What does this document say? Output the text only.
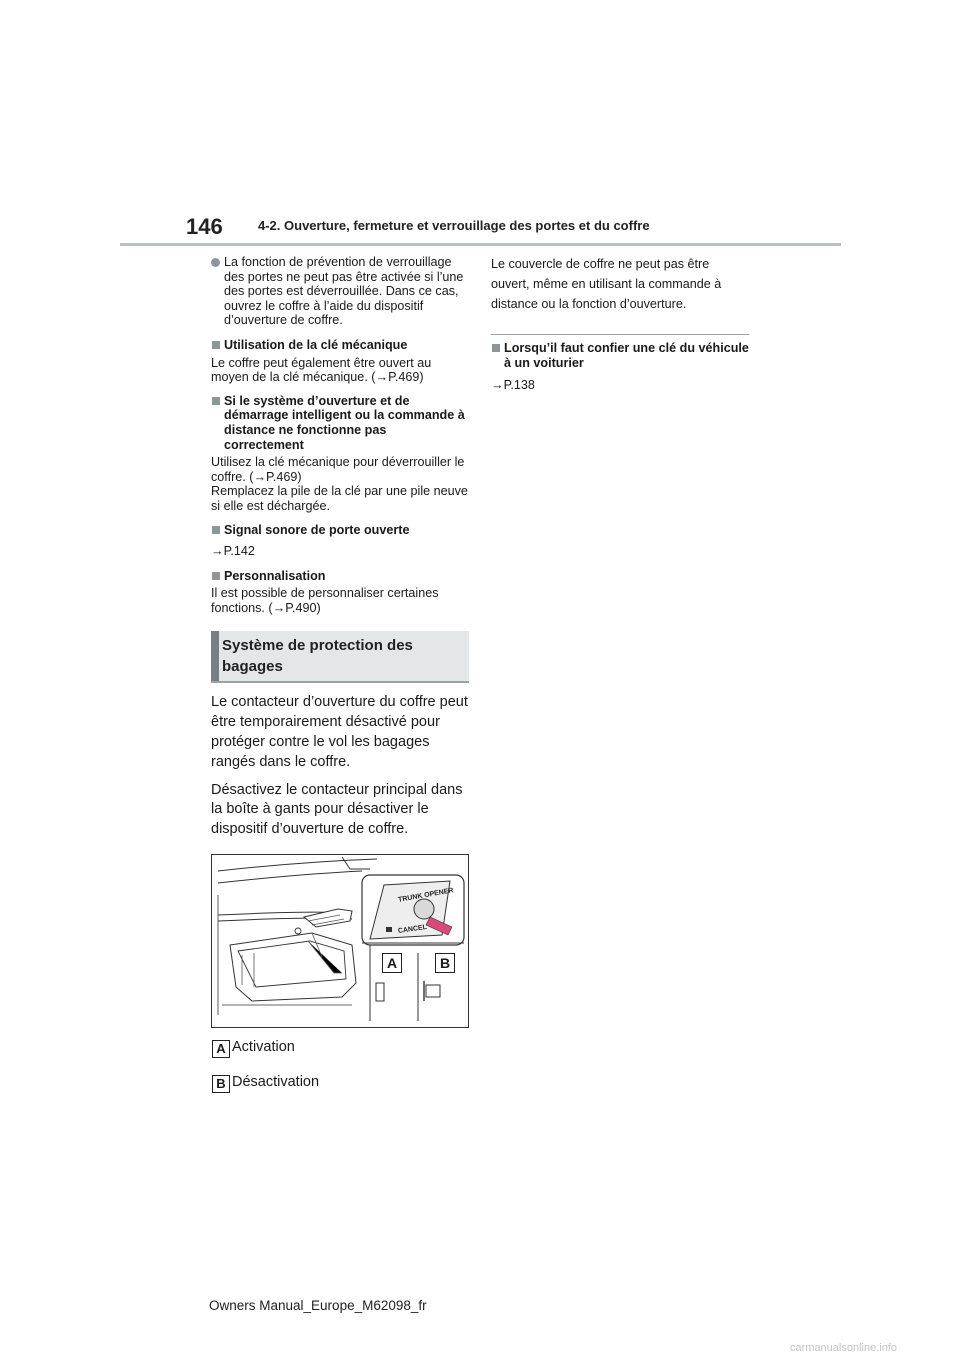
146	4-2. Ouverture, fermeture et verrouillage des portes et du coffre
La fonction de prévention de verrouillage des portes ne peut pas être activée si l’une des portes est déverrouillée. Dans ce cas, ouvrez le coffre à l’aide du dispositif d’ouverture de coffre.
Utilisation de la clé mécanique
Le coffre peut également être ouvert au moyen de la clé mécanique. (→P.469)
Si le système d’ouverture et de démarrage intelligent ou la commande à distance ne fonctionne pas correctement
Utilisez la clé mécanique pour déverrouiller le coffre. (→P.469)
Remplacez la pile de la clé par une pile neuve si elle est déchargée.
Signal sonore de porte ouverte
→P.142
Personnalisation
Il est possible de personnaliser certaines fonctions. (→P.490)
Système de protection des bagages
Le contacteur d’ouverture du coffre peut être temporairement désactivé pour protéger contre le vol les bagages rangés dans le coffre.
Désactivez le contacteur principal dans la boîte à gants pour désactiver le dispositif d’ouverture de coffre.
TRUNK OPENER
CANCEL
A	B
A Activation
B Désactivation
Le couvercle de coffre ne peut pas être ouvert, même en utilisant la commande à distance ou la fonction d’ouverture.
Lorsqu’il faut confier une clé du véhicule à un voiturier
→P.138
Owners Manual_Europe_M62098_fr
carmanualsonline.info
